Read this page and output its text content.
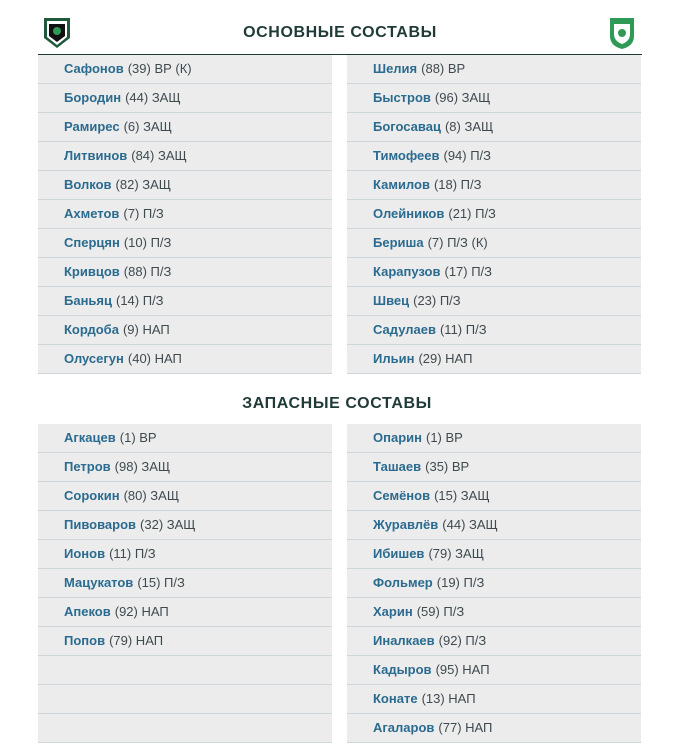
ОСНОВНЫЕ СОСТАВЫ
Сафонов (39) ВР (К)
Бородин (44) ЗАЩ
Рамирес (6) ЗАЩ
Литвинов (84) ЗАЩ
Волков (82) ЗАЩ
Ахметов (7) П/З
Сперцян (10) П/З
Кривцов (88) П/З
Баньяц (14) П/З
Кордоба (9) НАП
Олусегун (40) НАП
Шелия (88) ВР
Быстров (96) ЗАЩ
Богосавац (8) ЗАЩ
Тимофеев (94) П/З
Камилов (18) П/З
Олейников (21) П/З
Бериша (7) П/З (К)
Карапузов (17) П/З
Швец (23) П/З
Садулаев (11) П/З
Ильин (29) НАП
ЗАПАСНЫЕ СОСТАВЫ
Агкацев (1) ВР
Петров (98) ЗАЩ
Сорокин (80) ЗАЩ
Пивоваров (32) ЗАЩ
Ионов (11) П/З
Мацукатов (15) П/З
Апеков (92) НАП
Попов (79) НАП
Опарин (1) ВР
Ташаев (35) ВР
Семёнов (15) ЗАЩ
Журавлёв (44) ЗАЩ
Ибишев (79) ЗАЩ
Фольмер (19) П/З
Харин (59) П/З
Иналкаев (92) П/З
Кадыров (95) НАП
Конате (13) НАП
Агаларов (77) НАП
